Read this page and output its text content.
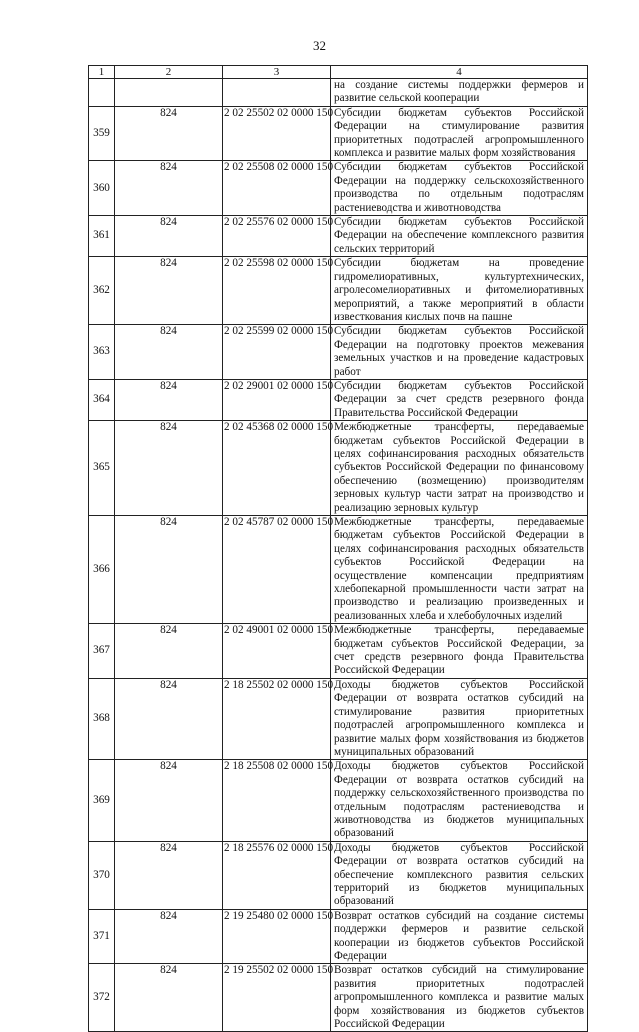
32
1	2	3	4
			на создание системы поддержки фермеров и развитие сельской кооперации
359	824	2 02 25502 02 0000 150	Субсидии бюджетам субъектов Российской Федерации на стимулирование развития приоритетных подотраслей агропромышленного комплекса и развитие малых форм хозяйствования
360	824	2 02 25508 02 0000 150	Субсидии бюджетам субъектов Российской Федерации на поддержку сельскохозяйственного производства по отдельным подотраслям растениеводства и животноводства
361	824	2 02 25576 02 0000 150	Субсидии бюджетам субъектов Российской Федерации на обеспечение комплексного развития сельских территорий
362	824	2 02 25598 02 0000 150	Субсидии бюджетам на проведение гидромелиоративных, культуртехнических, агролесомелиоративных и фитомелиоративных мероприятий, а также мероприятий в области известкования кислых почв на пашне
363	824	2 02 25599 02 0000 150	Субсидии бюджетам субъектов Российской Федерации на подготовку проектов межевания земельных участков и на проведение кадастровых работ
364	824	2 02 29001 02 0000 150	Субсидии бюджетам субъектов Российской Федерации за счет средств резервного фонда Правительства Российской Федерации
365	824	2 02 45368 02 0000 150	Межбюджетные трансферты, передаваемые бюджетам субъектов Российской Федерации в целях софинансирования расходных обязательств субъектов Российской Федерации по финансовому обеспечению (возмещению) производителям зерновых культур части затрат на производство и реализацию зерновых культур
366	824	2 02 45787 02 0000 150	Межбюджетные трансферты, передаваемые бюджетам субъектов Российской Федерации в целях софинансирования расходных обязательств субъектов Российской Федерации на осуществление компенсации предприятиям хлебопекарной промышленности части затрат на производство и реализацию произведенных и реализованных хлеба и хлебобулочных изделий
367	824	2 02 49001 02 0000 150	Межбюджетные трансферты, передаваемые бюджетам субъектов Российской Федерации, за счет средств резервного фонда Правительства Российской Федерации
368	824	2 18 25502 02 0000 150	Доходы бюджетов субъектов Российской Федерации от возврата остатков субсидий на стимулирование развития приоритетных подотраслей агропромышленного комплекса и развитие малых форм хозяйствования из бюджетов муниципальных образований
369	824	2 18 25508 02 0000 150	Доходы бюджетов субъектов Российской Федерации от возврата остатков субсидий на поддержку сельскохозяйственного производства по отдельным подотраслям растениеводства и животноводства из бюджетов муниципальных образований
370	824	2 18 25576 02 0000 150	Доходы бюджетов субъектов Российской Федерации от возврата остатков субсидий на обеспечение комплексного развития сельских территорий из бюджетов муниципальных образований
371	824	2 19 25480 02 0000 150	Возврат остатков субсидий на создание системы поддержки фермеров и развитие сельской кооперации из бюджетов субъектов Российской Федерации
372	824	2 19 25502 02 0000 150	Возврат остатков субсидий на стимулирование развития приоритетных подотраслей агропромышленного комплекса и развитие малых форм хозяйствования из бюджетов субъектов Российской Федерации
